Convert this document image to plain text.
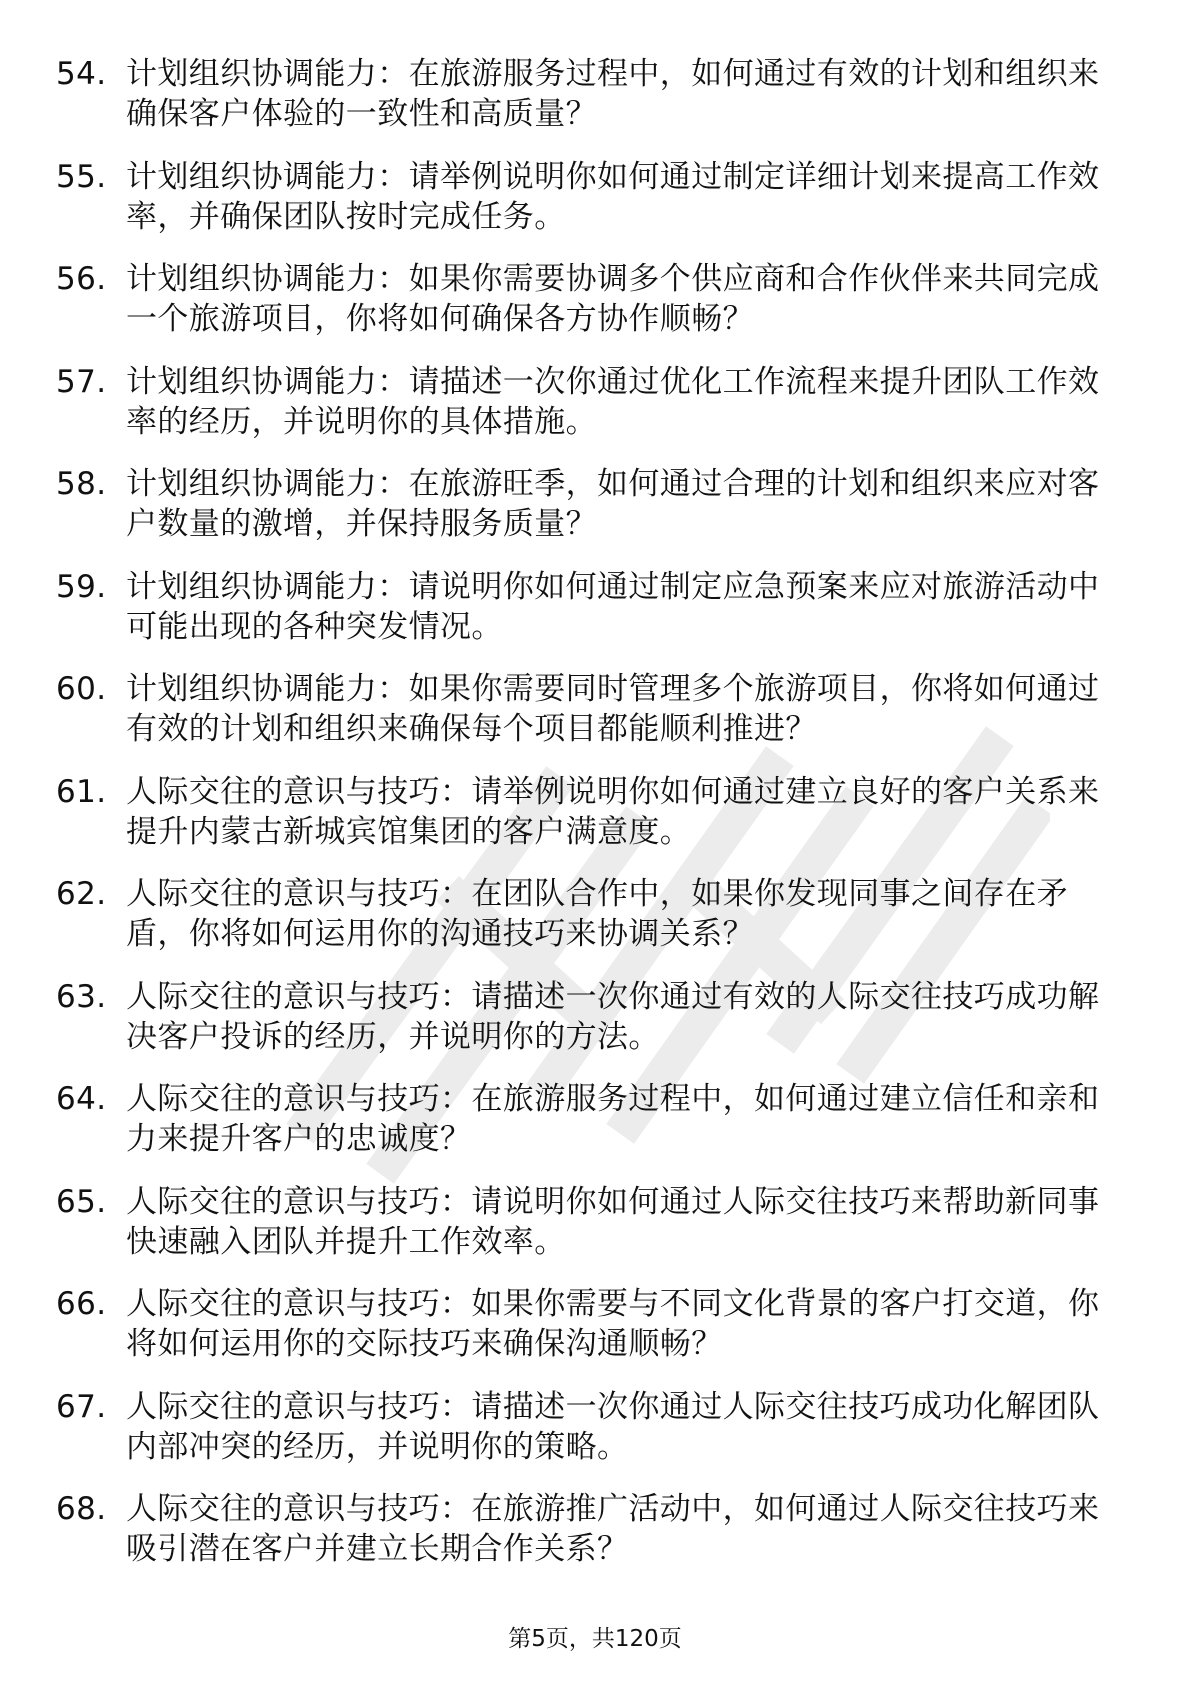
54. 计划组织协调能力：在旅游服务过程中，如何通过有效的计划和组织来确保客户体验的一致性和高质量？
55. 计划组织协调能力：请举例说明你如何通过制定详细计划来提高工作效率，并确保团队按时完成任务。
56. 计划组织协调能力：如果你需要协调多个供应商和合作伙伴来共同完成一个旅游项目，你将如何确保各方协作顺畅？
57. 计划组织协调能力：请描述一次你通过优化工作流程来提升团队工作效率的经历，并说明你的具体措施。
58. 计划组织协调能力：在旅游旺季，如何通过合理的计划和组织来应对客户数量的激增，并保持服务质量？
59. 计划组织协调能力：请说明你如何通过制定应急预案来应对旅游活动中可能出现的各种突发情况。
60. 计划组织协调能力：如果你需要同时管理多个旅游项目，你将如何通过有效的计划和组织来确保每个项目都能顺利推进？
61. 人际交往的意识与技巧：请举例说明你如何通过建立良好的客户关系来提升内蒙古新城宾馆集团的客户满意度。
62. 人际交往的意识与技巧：在团队合作中，如果你发现同事之间存在矛盾，你将如何运用你的沟通技巧来协调关系？
63. 人际交往的意识与技巧：请描述一次你通过有效的人际交往技巧成功解决客户投诉的经历，并说明你的方法。
64. 人际交往的意识与技巧：在旅游服务过程中，如何通过建立信任和亲和力来提升客户的忠诚度？
65. 人际交往的意识与技巧：请说明你如何通过人际交往技巧来帮助新同事快速融入团队并提升工作效率。
66. 人际交往的意识与技巧：如果你需要与不同文化背景的客户打交道，你将如何运用你的交际技巧来确保沟通顺畅？
67. 人际交往的意识与技巧：请描述一次你通过人际交往技巧成功化解团队内部冲突的经历，并说明你的策略。
68. 人际交往的意识与技巧：在旅游推广活动中，如何通过人际交往技巧来吸引潜在客户并建立长期合作关系？
第5页，共120页
